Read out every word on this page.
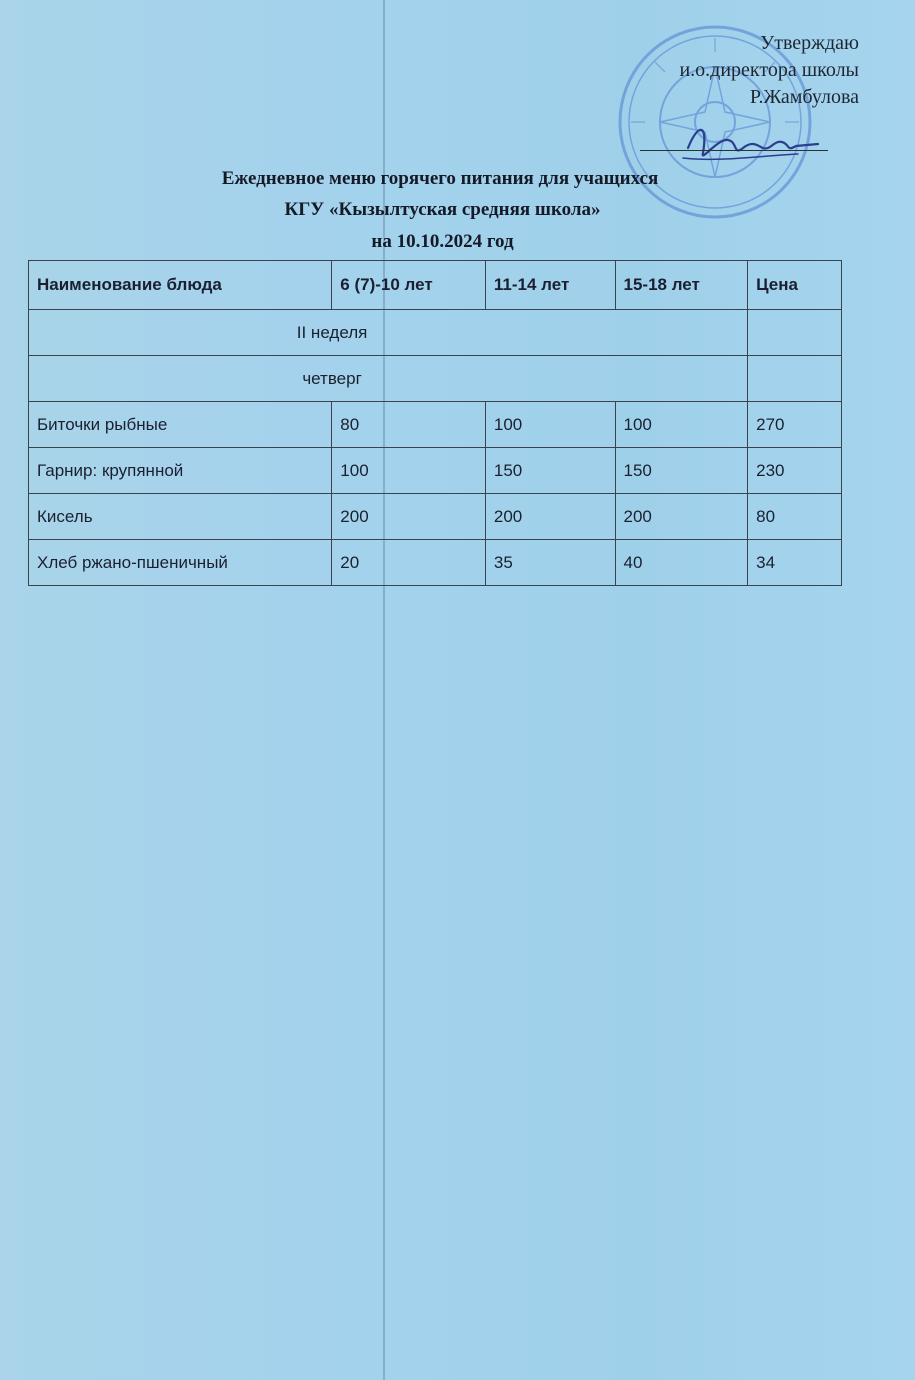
Утверждаю
и.о.директора школы
Р.Жамбулова
Ежедневное меню горячего питания для учащихся
КГУ «Кызылтуская средняя школа»
на 10.10.2024 год
Наименование блюда	6 (7)-10 лет	11-14 лет	15-18 лет	Цена
II неделя				
четверг				
Биточки рыбные	80	100	100	270
Гарнир: крупянной	100	150	150	230
Кисель	200	200	200	80
Хлеб ржано-пшеничный	20	35	40	34
